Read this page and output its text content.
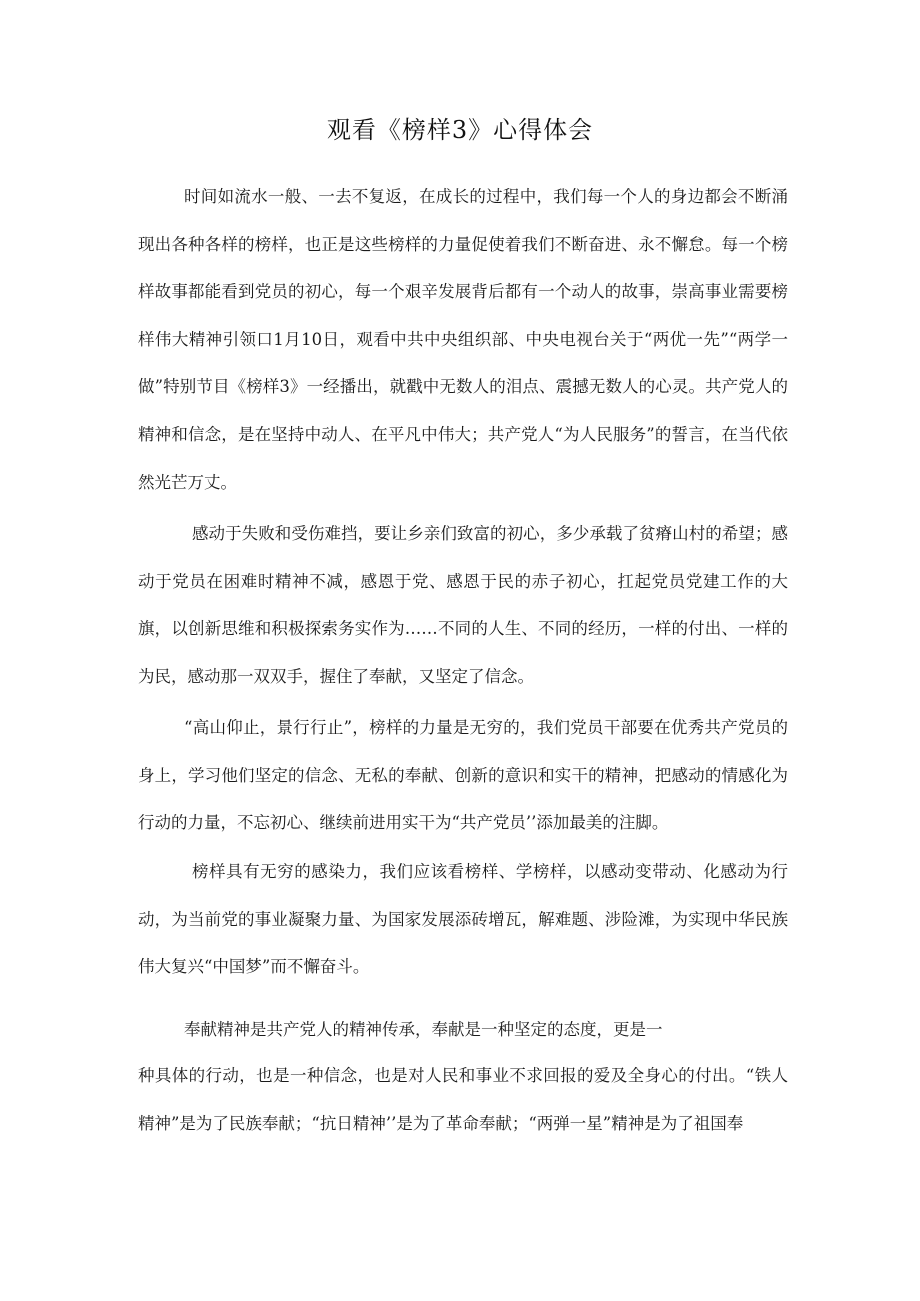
观看《榜样3》心得体会

时间如流水一般、一去不复返，在成长的过程中，我们每一个人的身边都会不断涌现出各种各样的榜样，也正是这些榜样的力量促使着我们不断奋进、永不懈怠。每一个榜样故事都能看到党员的初心，每一个艰辛发展背后都有一个动人的故事，崇高事业需要榜样伟大精神引领口1月10日，观看中共中央组织部、中央电视台关于“两优一先”“两学一做”特别节目《榜样3》一经播出，就戳中无数人的泪点、震撼无数人的心灵。共产党人的精神和信念，是在坚持中动人、在平凡中伟大；共产党人“为人民服务”的誓言，在当代依然光芒万丈。

感动于失败和受伤难挡，要让乡亲们致富的初心，多少承载了贫瘠山村的希望；感动于党员在困难时精神不减，感恩于党、感恩于民的赤子初心，扛起党员党建工作的大旗，以创新思维和积极探索务实作为……不同的人生、不同的经历，一样的付出、一样的为民，感动那一双双手，握住了奉献，又坚定了信念。

“高山仰止，景行行止”，榜样的力量是无穷的，我们党员干部要在优秀共产党员的身上，学习他们坚定的信念、无私的奉献、创新的意识和实干的精神，把感动的情感化为行动的力量，不忘初心、继续前进用实干为“共产党员’’添加最美的注脚。

榜样具有无穷的感染力，我们应该看榜样、学榜样，以感动变带动、化感动为行动，为当前党的事业凝聚力量、为国家发展添砖增瓦，解难题、涉险滩，为实现中华民族伟大复兴“中国梦”而不懈奋斗。

奉献精神是共产党人的精神传承，奉献是一种坚定的态度，更是一

种具体的行动，也是一种信念，也是对人民和事业不求回报的爱及全身心的付出。“铁人精神”是为了民族奉献；“抗日精神’’是为了革命奉献；“两弹一星”精神是为了祖国奉
